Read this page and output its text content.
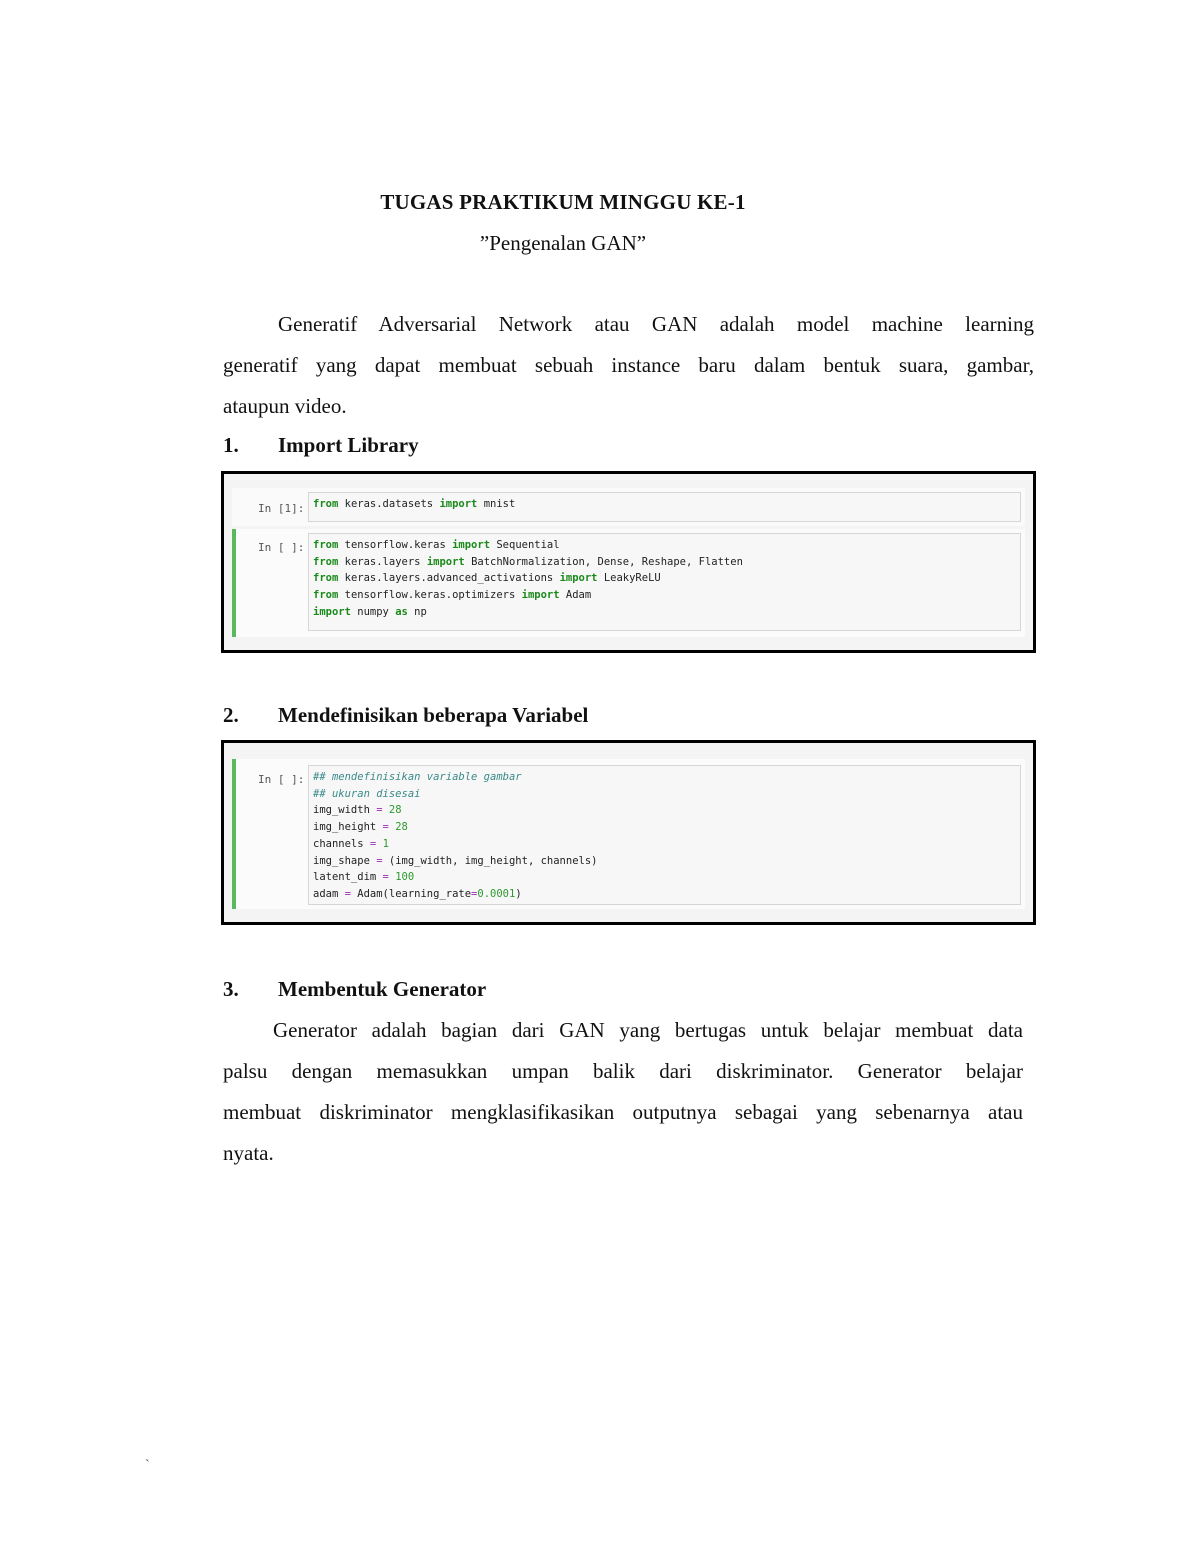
TUGAS PRAKTIKUM MINGGU KE-1
”Pengenalan GAN”
Generatif Adversarial Network atau GAN adalah model machine learning
generatif yang dapat membuat sebuah instance baru dalam bentuk suara, gambar,
ataupun video.
1. Import Library
In [1]: from keras.datasets import mnist
In [ ]: from tensorflow.keras import Sequential
from keras.layers import BatchNormalization, Dense, Reshape, Flatten
from keras.layers.advanced_activations import LeakyReLU
from tensorflow.keras.optimizers import Adam
import numpy as np
2. Mendefinisikan beberapa Variabel
In [ ]: ## mendefinisikan variable gambar
## ukuran disesai
img_width = 28
img_height = 28
channels = 1
img_shape = (img_width, img_height, channels)
latent_dim = 100
adam = Adam(learning_rate=0.0001)
3. Membentuk Generator
Generator adalah bagian dari GAN yang bertugas untuk belajar membuat data
palsu dengan memasukkan umpan balik dari diskriminator. Generator belajar
membuat diskriminator mengklasifikasikan outputnya sebagai yang sebenarnya atau
nyata.
`
